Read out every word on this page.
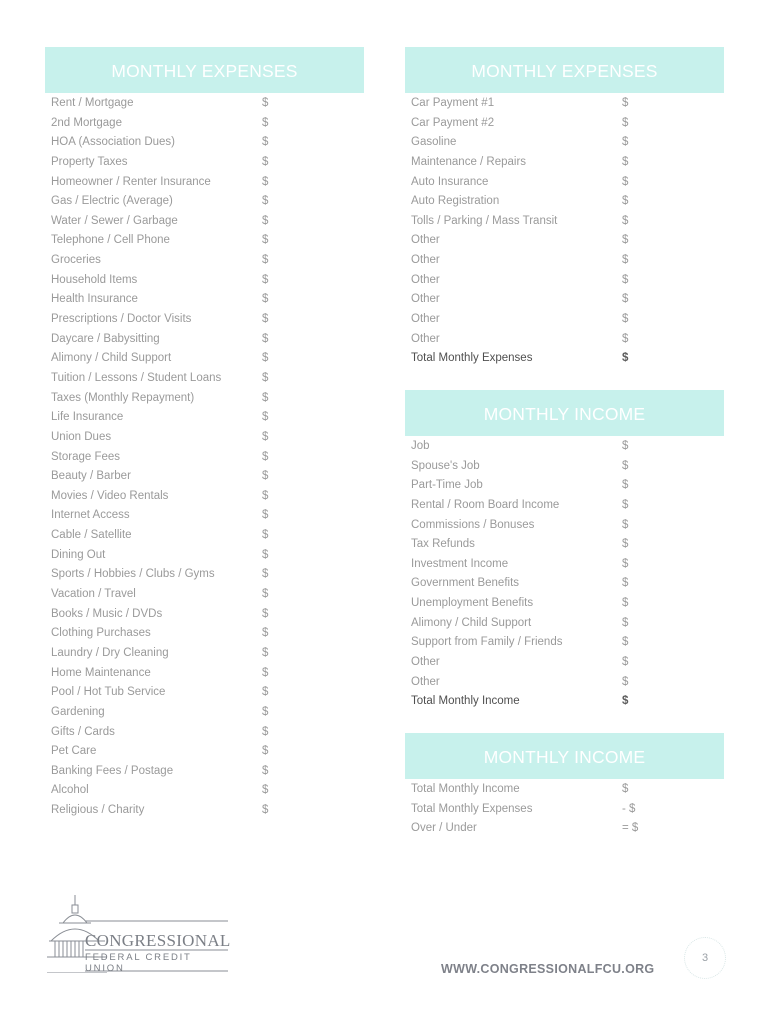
MONTHLY EXPENSES
Rent / Mortgage	$
2nd Mortgage	$
HOA (Association Dues)	$
Property Taxes	$
Homeowner / Renter Insurance	$
Gas / Electric (Average)	$
Water / Sewer / Garbage	$
Telephone / Cell Phone	$
Groceries	$
Household Items	$
Health Insurance	$
Prescriptions / Doctor Visits	$
Daycare / Babysitting	$
Alimony / Child Support	$
Tuition / Lessons / Student Loans	$
Taxes (Monthly Repayment)	$
Life Insurance	$
Union Dues	$
Storage Fees	$
Beauty / Barber	$
Movies / Video Rentals	$
Internet Access	$
Cable / Satellite	$
Dining Out	$
Sports / Hobbies / Clubs / Gyms	$
Vacation / Travel	$
Books / Music / DVDs	$
Clothing Purchases	$
Laundry / Dry Cleaning	$
Home Maintenance	$
Pool / Hot Tub Service	$
Gardening	$
Gifts / Cards	$
Pet Care	$
Banking Fees / Postage	$
Alcohol	$
Religious / Charity	$
MONTHLY EXPENSES
Car Payment #1	$
Car Payment #2	$
Gasoline	$
Maintenance / Repairs	$
Auto Insurance	$
Auto Registration	$
Tolls / Parking / Mass Transit	$
Other	$
Other	$
Other	$
Other	$
Other	$
Other	$
Total Monthly Expenses	$
MONTHLY INCOME
Job	$
Spouse's Job	$
Part-Time Job	$
Rental / Room Board Income	$
Commissions / Bonuses	$
Tax Refunds	$
Investment Income	$
Government Benefits	$
Unemployment Benefits	$
Alimony / Child Support	$
Support from Family / Friends	$
Other	$
Other	$
Total Monthly Income	$
MONTHLY INCOME
Total Monthly Income	$
Total Monthly Expenses	- $
Over / Under	= $
CONGRESSIONAL
FEDERAL CREDIT UNION	WWW.CONGRESSIONALFCU.ORG
3
